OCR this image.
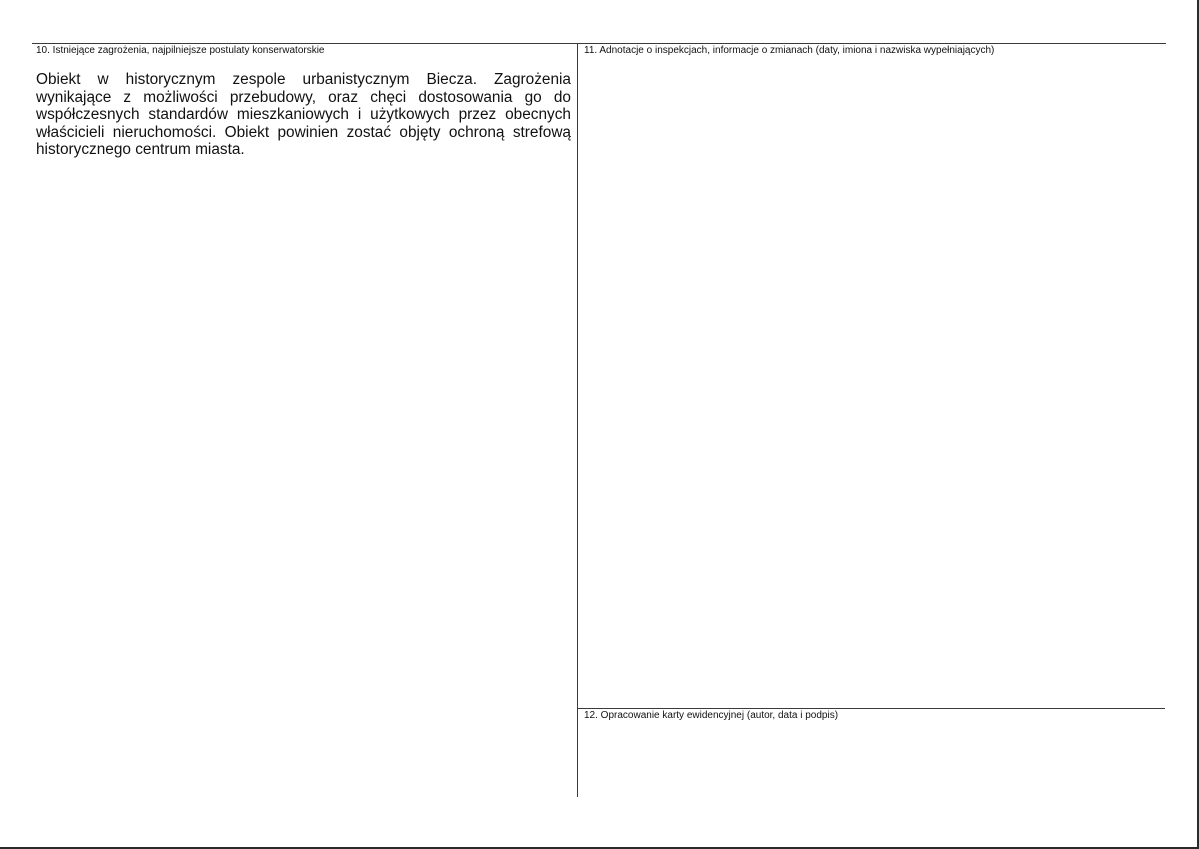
10. Istniejące zagrożenia, najpilniejsze postulaty konserwatorskie
Obiekt w historycznym zespole urbanistycznym Biecza. Zagrożenia wynikające z możliwości przebudowy, oraz chęci dostosowania go do współczesnych standardów mieszkaniowych i użytkowych przez obecnych właścicieli nieruchomości. Obiekt powinien zostać objęty ochroną strefową historycznego centrum miasta.
11. Adnotacje o inspekcjach, informacje o zmianach (daty, imiona i nazwiska wypełniających)
12. Opracowanie karty ewidencyjnej (autor, data i podpis)
